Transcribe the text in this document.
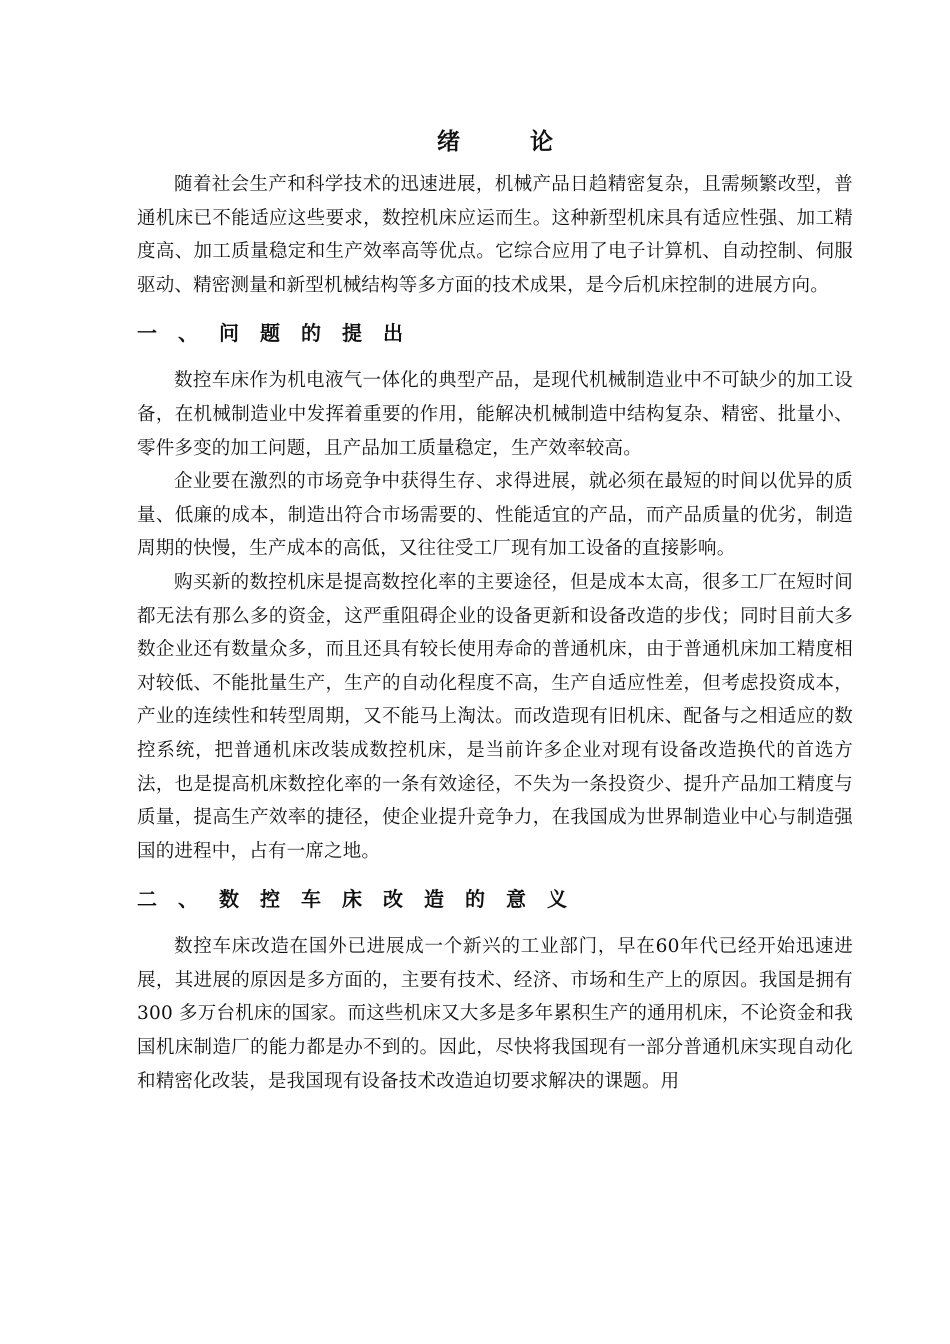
绪论

随着社会生产和科学技术的迅速进展，机械产品日趋精密复杂，且需频繁改型，普通机床已不能适应这些要求，数控机床应运而生。这种新型机床具有适应性强、加工精度高、加工质量稳定和生产效率高等优点。它综合应用了电子计算机、自动控制、伺服驱动、精密测量和新型机械结构等多方面的技术成果，是今后机床控制的进展方向。

一、问题的提出

数控车床作为机电液气一体化的典型产品，是现代机械制造业中不可缺少的加工设备，在机械制造业中发挥着重要的作用，能解决机械制造中结构复杂、精密、批量小、零件多变的加工问题，且产品加工质量稳定，生产效率较高。

企业要在激烈的市场竞争中获得生存、求得进展，就必须在最短的时间以优异的质量、低廉的成本，制造出符合市场需要的、性能适宜的产品，而产品质量的优劣，制造周期的快慢，生产成本的高低，又往往受工厂现有加工设备的直接影响。

购买新的数控机床是提高数控化率的主要途径，但是成本太高，很多工厂在短时间都无法有那么多的资金，这严重阻碍企业的设备更新和设备改造的步伐；同时目前大多数企业还有数量众多，而且还具有较长使用寿命的普通机床，由于普通机床加工精度相对较低、不能批量生产，生产的自动化程度不高，生产自适应性差，但考虑投资成本，产业的连续性和转型周期，又不能马上淘汰。而改造现有旧机床、配备与之相适应的数控系统，把普通机床改装成数控机床，是当前许多企业对现有设备改造换代的首选方法，也是提高机床数控化率的一条有效途径，不失为一条投资少、提升产品加工精度与质量，提高生产效率的捷径，使企业提升竞争力，在我国成为世界制造业中心与制造强国的进程中，占有一席之地。

二、数控车床改造的意义

数控车床改造在国外已进展成一个新兴的工业部门，早在60年代已经开始迅速进展，其进展的原因是多方面的，主要有技术、经济、市场和生产上的原因。我国是拥有300 多万台机床的国家。而这些机床又大多是多年累积生产的通用机床，不论资金和我国机床制造厂的能力都是办不到的。因此，尽快将我国现有一部分普通机床实现自动化和精密化改装，是我国现有设备技术改造迫切要求解决的课题。用
